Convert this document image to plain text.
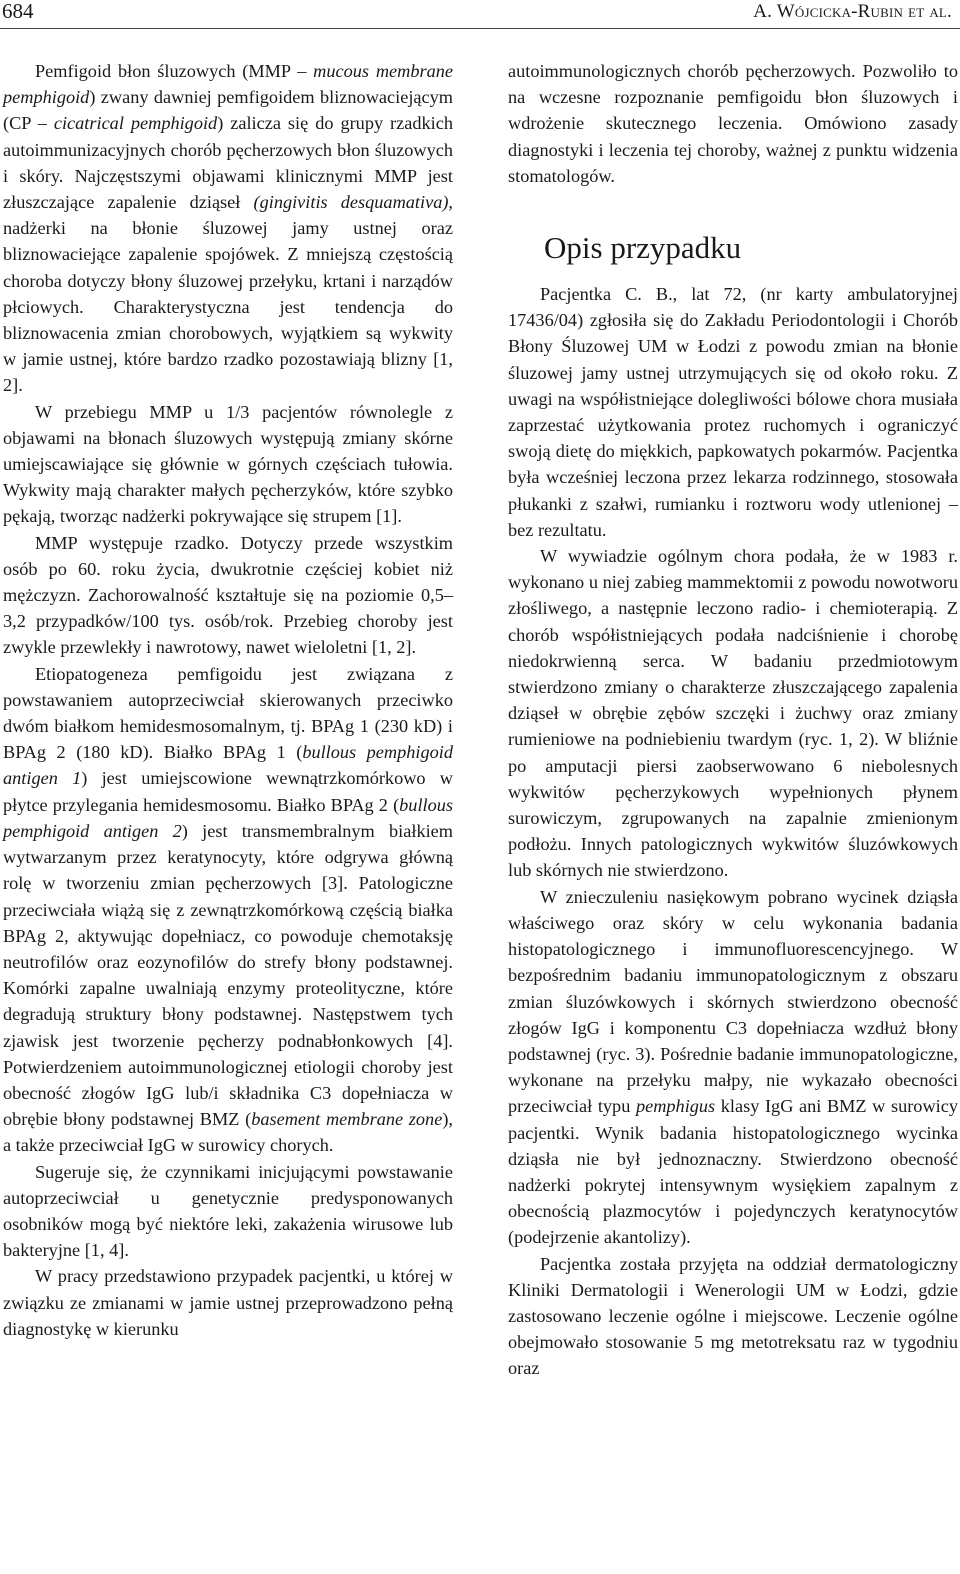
684	A. Wójcicka-Rubin et al.

Pemfigoid błon śluzowych (MMP – mucous membrane pemphigoid) zwany dawniej pemfigoidem bliznowaciejącym (CP – cicatrical pemphigoid) zalicza się do grupy rzadkich autoimmunizacyjnych chorób pęcherzowych błon śluzowych i skóry. Najczęstszymi objawami klinicznymi MMP jest złuszczające zapalenie dziąseł (gingivitis desquamativa), nadżerki na błonie śluzowej jamy ustnej oraz bliznowaciejące zapalenie spojówek. Z mniejszą częstością choroba dotyczy błony śluzowej przełyku, krtani i narządów płciowych. Charakterystyczna jest tendencja do bliznowacenia zmian chorobowych, wyjątkiem są wykwity w jamie ustnej, które bardzo rzadko pozostawiają blizny [1, 2].

W przebiegu MMP u 1/3 pacjentów równolegle z objawami na błonach śluzowych występują zmiany skórne umiejscawiające się głównie w górnych częściach tułowia. Wykwity mają charakter małych pęcherzyków, które szybko pękają, tworząc nadżerki pokrywające się strupem [1].

MMP występuje rzadko. Dotyczy przede wszystkim osób po 60. roku życia, dwukrotnie częściej kobiet niż mężczyzn. Zachorowalność kształtuje się na poziomie 0,5–3,2 przypadków/100 tys. osób/rok. Przebieg choroby jest zwykle przewlekły i nawrotowy, nawet wieloletni [1, 2].

Etiopatogeneza pemfigoidu jest związana z powstawaniem autoprzeciwciał skierowanych przeciwko dwóm białkom hemidesmosomalnym, tj. BPAg 1 (230 kD) i BPAg 2 (180 kD). Białko BPAg 1 (bullous pemphigoid antigen 1) jest umiejscowione wewnątrzkomórkowo w płytce przylegania hemidesmosomu. Białko BPAg 2 (bullous pemphigoid antigen 2) jest transmembralnym białkiem wytwarzanym przez keratynocyty, które odgrywa główną rolę w tworzeniu zmian pęcherzowych [3]. Patologiczne przeciwciała wiążą się z zewnątrzkomórkową częścią białka BPAg 2, aktywując dopełniacz, co powoduje chemotaksję neutrofilów oraz eozynofilów do strefy błony podstawnej. Komórki zapalne uwalniają enzymy proteolityczne, które degradują struktury błony podstawnej. Następstwem tych zjawisk jest tworzenie pęcherzy podnabłonkowych [4]. Potwierdzeniem autoimmunologicznej etiologii choroby jest obecność złogów IgG lub/i składnika C3 dopełniacza w obrębie błony podstawnej BMZ (basement membrane zone), a także przeciwciał IgG w surowicy chorych.

Sugeruje się, że czynnikami inicjującymi powstawanie autoprzeciwciał u genetycznie predysponowanych osobników mogą być niektóre leki, zakażenia wirusowe lub bakteryjne [1, 4].

W pracy przedstawiono przypadek pacjentki, u której w związku ze zmianami w jamie ustnej przeprowadzono pełną diagnostykę w kierunku

autoimmunologicznych chorób pęcherzowych. Pozwoliło to na wczesne rozpoznanie pemfigoidu błon śluzowych i wdrożenie skutecznego leczenia. Omówiono zasady diagnostyki i leczenia tej choroby, ważnej z punktu widzenia stomatologów.

Opis przypadku

Pacjentka C. B., lat 72, (nr karty ambulatoryjnej 17436/04) zgłosiła się do Zakładu Periodontologii i Chorób Błony Śluzowej UM w Łodzi z powodu zmian na błonie śluzowej jamy ustnej utrzymujących się od około roku. Z uwagi na współistniejące dolegliwości bólowe chora musiała zaprzestać użytkowania protez ruchomych i ograniczyć swoją dietę do miękkich, papkowatych pokarmów. Pacjentka była wcześniej leczona przez lekarza rodzinnego, stosowała płukanki z szałwi, rumianku i roztworu wody utlenionej – bez rezultatu.

W wywiadzie ogólnym chora podała, że w 1983 r. wykonano u niej zabieg mammektomii z powodu nowotworu złośliwego, a następnie leczono radio- i chemioterapią. Z chorób współistniejących podała nadciśnienie i chorobę niedokrwienną serca. W badaniu przedmiotowym stwierdzono zmiany o charakterze złuszczającego zapalenia dziąseł w obrębie zębów szczęki i żuchwy oraz zmiany rumieniowe na podniebieniu twardym (ryc. 1, 2). W bliźnie po amputacji piersi zaobserwowano 6 niebolesnych wykwitów pęcherzykowych wypełnionych płynem surowiczym, zgrupowanych na zapalnie zmienionym podłożu. Innych patologicznych wykwitów śluzówkowych lub skórnych nie stwierdzono.

W znieczuleniu nasiękowym pobrano wycinek dziąsła właściwego oraz skóry w celu wykonania badania histopatologicznego i immunofluorescencyjnego. W bezpośrednim badaniu immunopatologicznym z obszaru zmian śluzówkowych i skórnych stwierdzono obecność złogów IgG i komponentu C3 dopełniacza wzdłuż błony podstawnej (ryc. 3). Pośrednie badanie immunopatologiczne, wykonane na przełyku małpy, nie wykazało obecności przeciwciał typu pemphigus klasy IgG ani BMZ w surowicy pacjentki. Wynik badania histopatologicznego wycinka dziąsła nie był jednoznaczny. Stwierdzono obecność nadżerki pokrytej intensywnym wysiękiem zapalnym z obecnością plazmocytów i pojedynczych keratynocytów (podejrzenie akantolizy).

Pacjentka została przyjęta na oddział dermatologiczny Kliniki Dermatologii i Wenerologii UM w Łodzi, gdzie zastosowano leczenie ogólne i miejscowe. Leczenie ogólne obejmowało stosowanie 5 mg metotreksatu raz w tygodniu oraz
